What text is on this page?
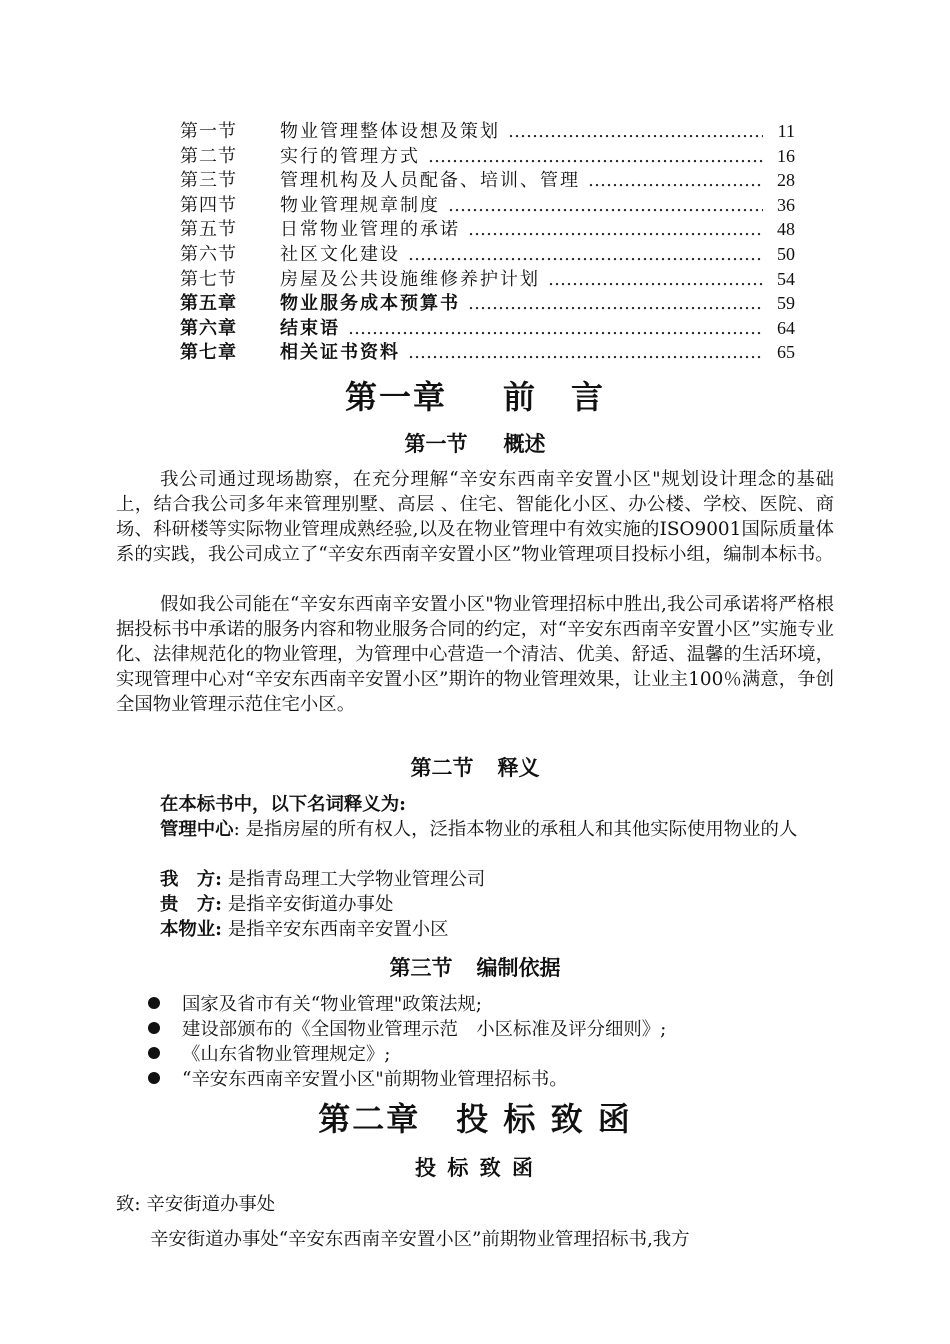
第一节	物业管理整体设想及策划 …………………………………………………………………………………………………………………………	11
第二节	实行的管理方式 …………………………………………………………………………………………………………………………	16
第三节	管理机构及人员配备、培训、管理 …………………………………………………………………………………………………………………………	28
第四节	物业管理规章制度 …………………………………………………………………………………………………………………………	36
第五节	日常物业管理的承诺 …………………………………………………………………………………………………………………………	48
第六节	社区文化建设 …………………………………………………………………………………………………………………………	50
第七节	房屋及公共设施维修养护计划 …………………………………………………………………………………………………………………………	54
第五章	物业服务成本预算书 …………………………………………………………………………………………………………………………	59
第六章	结束语 …………………………………………………………………………………………………………………………	64
第七章	相关证书资料 …………………………………………………………………………………………………………………………	65
第一章 前　言
第一节 概述
我公司通过现场勘察，在充分理解“辛安东西南辛安置小区"规划设计理念的基础上，结合我公司多年来管理别墅、高层 、住宅、智能化小区、办公楼、学校、医院、商场、科研楼等实际物业管理成熟经验,以及在物业管理中有效实施的ISO9001国际质量体系的实践，我公司成立了“辛安东西南辛安置小区”物业管理项目投标小组，编制本标书。
假如我公司能在“辛安东西南辛安置小区"物业管理招标中胜出,我公司承诺将严格根据投标书中承诺的服务内容和物业服务合同的约定，对“辛安东西南辛安置小区”实施专业化、法律规范化的物业管理，为管理中心营造一个清洁、优美、舒适、温馨的生活环境，实现管理中心对“辛安东西南辛安置小区”期许的物业管理效果，让业主100％满意，争创全国物业管理示范住宅小区。
第二节 释义
在本标书中，以下名词释义为:
管理中心: 是指房屋的所有权人，泛指本物业的承租人和其他实际使用物业的人
我　方: 是指青岛理工大学物业管理公司
贵　方: 是指辛安街道办事处
本物业: 是指辛安东西南辛安置小区
第三节 编制依据
国家及省市有关“物业管理"政策法规;
建设部颁布的《全国物业管理示范　小区标准及评分细则》;
《山东省物业管理规定》;
“辛安东西南辛安置小区"前期物业管理招标书。
第二章 投 标 致 函
投 标 致 函
致: 辛安街道办事处
辛安街道办事处“辛安东西南辛安置小区”前期物业管理招标书,我方
